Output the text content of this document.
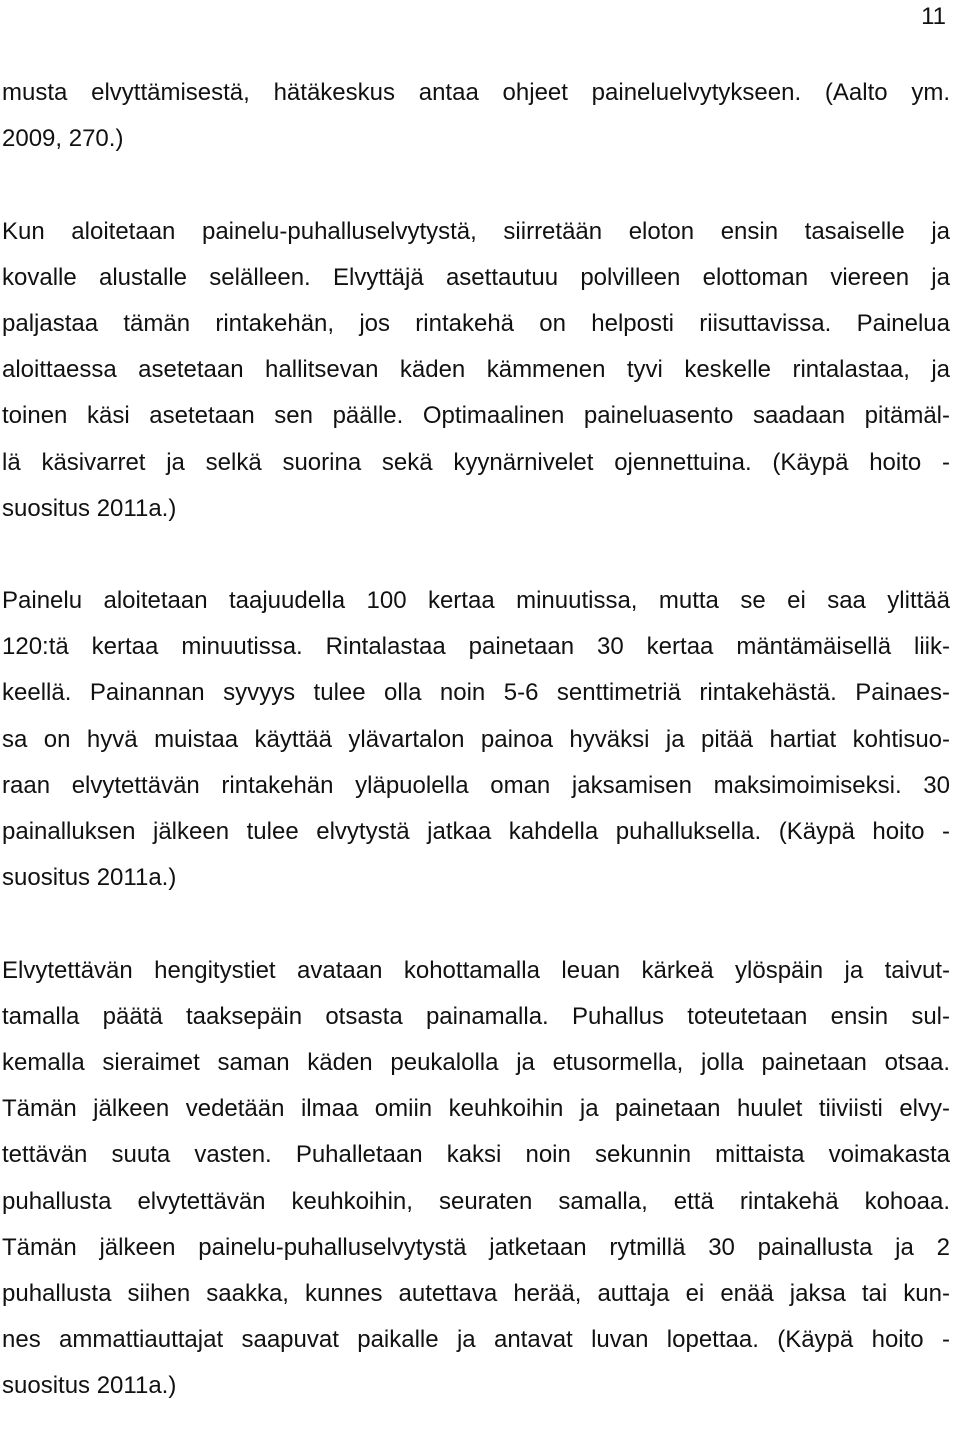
11
musta elvyttämisestä, hätäkeskus antaa ohjeet paineluelvytykseen. (Aalto ym.
2009, 270.)
Kun aloitetaan painelu-puhalluselvytystä, siirretään eloton ensin tasaiselle ja
kovalle alustalle selälleen. Elvyttäjä asettautuu polvilleen elottoman viereen ja
paljastaa tämän rintakehän, jos rintakehä on helposti riisuttavissa. Painelua
aloittaessa asetetaan hallitsevan käden kämmenen tyvi keskelle rintalastaa, ja
toinen käsi asetetaan sen päälle. Optimaalinen paineluasento saadaan pitämäl-
lä käsivarret ja selkä suorina sekä kyynärnivelet ojennettuina. (Käypä hoito -
suositus 2011a.)
Painelu aloitetaan taajuudella 100 kertaa minuutissa, mutta se ei saa ylittää
120:tä kertaa minuutissa. Rintalastaa painetaan 30 kertaa mäntämäisellä liik-
keellä. Painannan syvyys tulee olla noin 5-6 senttimetriä rintakehästä. Painaes-
sa on hyvä muistaa käyttää ylävartalon painoa hyväksi ja pitää hartiat kohtisuo-
raan elvytettävän rintakehän yläpuolella oman jaksamisen maksimoimiseksi. 30
painalluksen jälkeen tulee elvytystä jatkaa kahdella puhalluksella. (Käypä hoito -
suositus 2011a.)
Elvytettävän hengitystiet avataan kohottamalla leuan kärkeä ylöspäin ja taivut-
tamalla päätä taaksepäin otsasta painamalla. Puhallus toteutetaan ensin sul-
kemalla sieraimet saman käden peukalolla ja etusormella, jolla painetaan otsaa.
Tämän jälkeen vedetään ilmaa omiin keuhkoihin ja painetaan huulet tiiviisti elvy-
tettävän suuta vasten. Puhalletaan kaksi noin sekunnin mittaista voimakasta
puhallusta elvytettävän keuhkoihin, seuraten samalla, että rintakehä kohoaa.
Tämän jälkeen painelu-puhalluselvytystä jatketaan rytmillä 30 painallusta ja 2
puhallusta siihen saakka, kunnes autettava herää, auttaja ei enää jaksa tai kun-
nes ammattiauttajat saapuvat paikalle ja antavat luvan lopettaa. (Käypä hoito -
suositus 2011a.)
